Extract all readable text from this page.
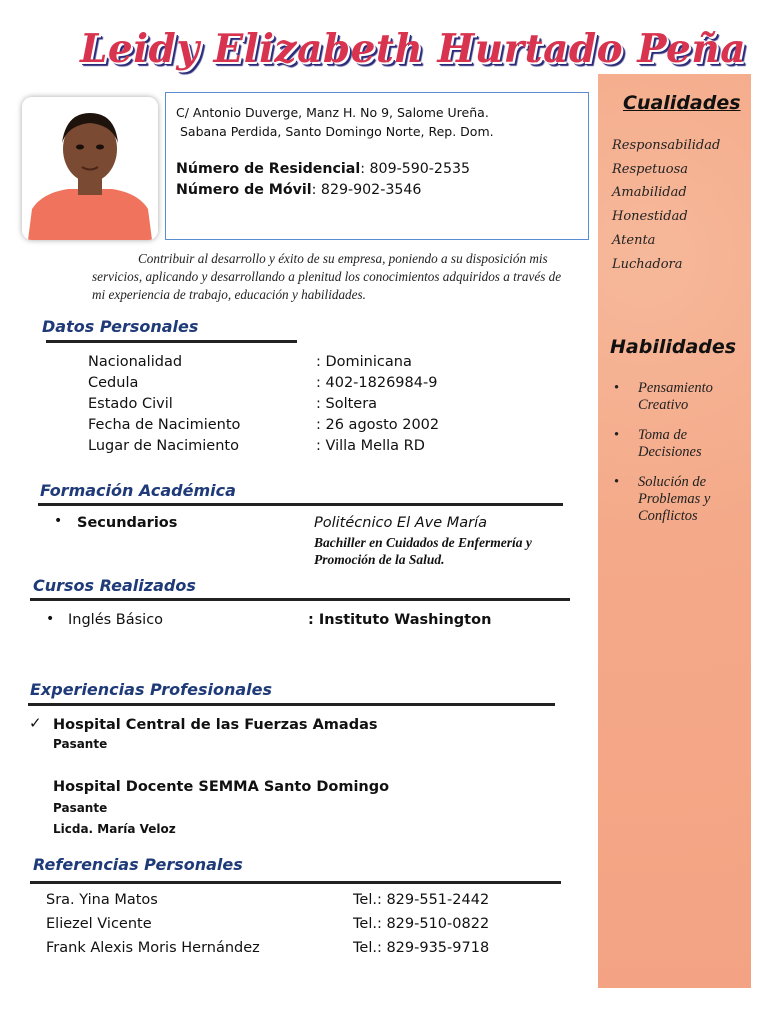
Leidy Elizabeth Hurtado Peña
Cualidades
Responsabilidad
Respetuosa
Amabilidad
Honestidad
Atenta
Luchadora
Habilidades
• Pensamiento
Creativo
• Toma de
Decisiones
• Solución de
Problemas y
Conflictos
C/ Antonio Duverge, Manz H. No 9, Salome Ureña.
Sabana Perdida, Santo Domingo Norte, Rep. Dom.
Número de Residencial: 809-590-2535
Número de Móvil: 829-902-3546
Contribuir al desarrollo y éxito de su empresa, poniendo a su disposición mis servicios, aplicando y desarrollando a plenitud los conocimientos adquiridos a través de mi experiencia de trabajo, educación y habilidades.
Datos Personales
Nacionalidad
Cedula
Estado Civil
Fecha de Nacimiento
Lugar de Nacimiento
: Dominicana
: 402-1826984-9
: Soltera
: 26 agosto 2002
: Villa Mella RD
Formación Académica
• Secundarios	Politécnico El Ave María
Bachiller en Cuidados de Enfermería y
Promoción de la Salud.
Cursos Realizados
• Inglés Básico	: Instituto Washington
Experiencias Profesionales
✓ Hospital Central de las Fuerzas Amadas
Pasante
Hospital Docente SEMMA Santo Domingo
Pasante
Licda. María Veloz
Referencias Personales
Sra. Yina Matos
Eliezel Vicente
Frank Alexis Moris Hernández
Tel.: 829-551-2442
Tel.: 829-510-0822
Tel.: 829-935-9718
